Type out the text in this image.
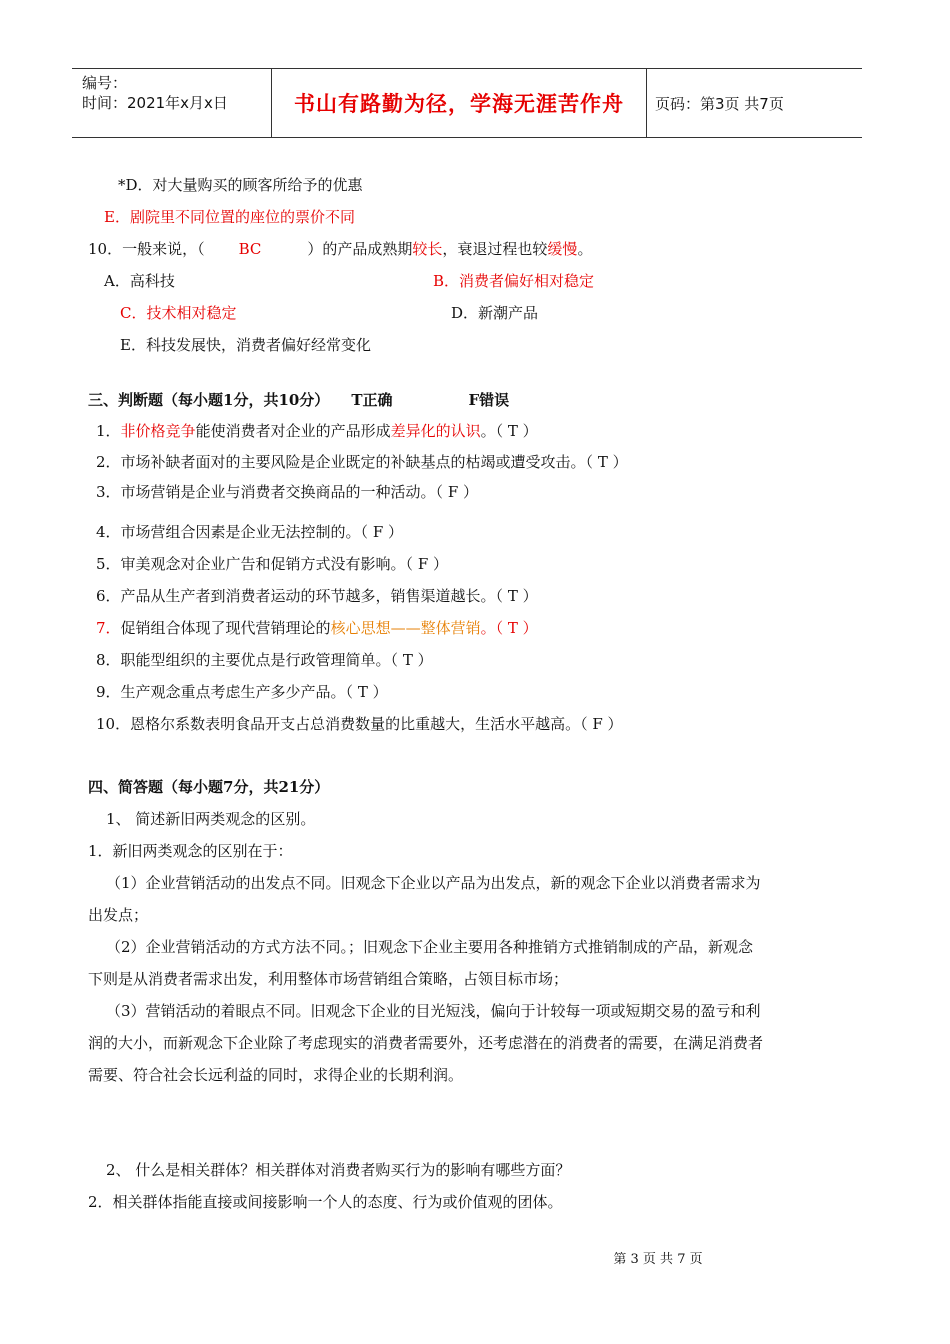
编号：
时间：2021年x月x日	书山有路勤为径，学海无涯苦作舟 页码：第3页 共7页
*D．对大量购买的顾客所给予的优惠
E．剧院里不同位置的座位的票价不同
10．一般来说，（ BC	）的产品成熟期较长，衰退过程也较缓慢。
A．高科技	B．消费者偏好相对稳定
C．技术相对稳定	D．新潮产品
E．科技发展快，消费者偏好经常变化
三、判断题（每小题1分，共10分） T正确	F错误
1．非价格竞争能使消费者对企业的产品形成差异化的认识。（ T ）
2．市场补缺者面对的主要风险是企业既定的补缺基点的枯竭或遭受攻击。（ T ）
3．市场营销是企业与消费者交换商品的一种活动。（ F ）
4．市场营组合因素是企业无法控制的。（ F ）
5．审美观念对企业广告和促销方式没有影响。（ F ）
6．产品从生产者到消费者运动的环节越多，销售渠道越长。（ T ）
7．促销组合体现了现代营销理论的核心思想——整体营销。（ T ）
8．职能型组织的主要优点是行政管理简单。（ T ）
9．生产观念重点考虑生产多少产品。（ T ）
10．恩格尔系数表明食品开支占总消费数量的比重越大，生活水平越高。（ F ）
四、简答题（每小题7分，共21分）
1、 简述新旧两类观念的区别。
1．新旧两类观念的区别在于：
（1）企业营销活动的出发点不同。旧观念下企业以产品为出发点，新的观念下企业以消费者需求为
出发点；
（2）企业营销活动的方式方法不同。；旧观念下企业主要用各种推销方式推销制成的产品，新观念
下则是从消费者需求出发，利用整体市场营销组合策略，占领目标市场；
（3）营销活动的着眼点不同。旧观念下企业的目光短浅，偏向于计较每一项或短期交易的盈亏和利
润的大小，而新观念下企业除了考虑现实的消费者需要外，还考虑潜在的消费者的需要，在满足消费者
需要、符合社会长远利益的同时，求得企业的长期利润。
2、 什么是相关群体？相关群体对消费者购买行为的影响有哪些方面？
2．相关群体指能直接或间接影响一个人的态度、行为或价值观的团体。
第 3 页 共 7 页
